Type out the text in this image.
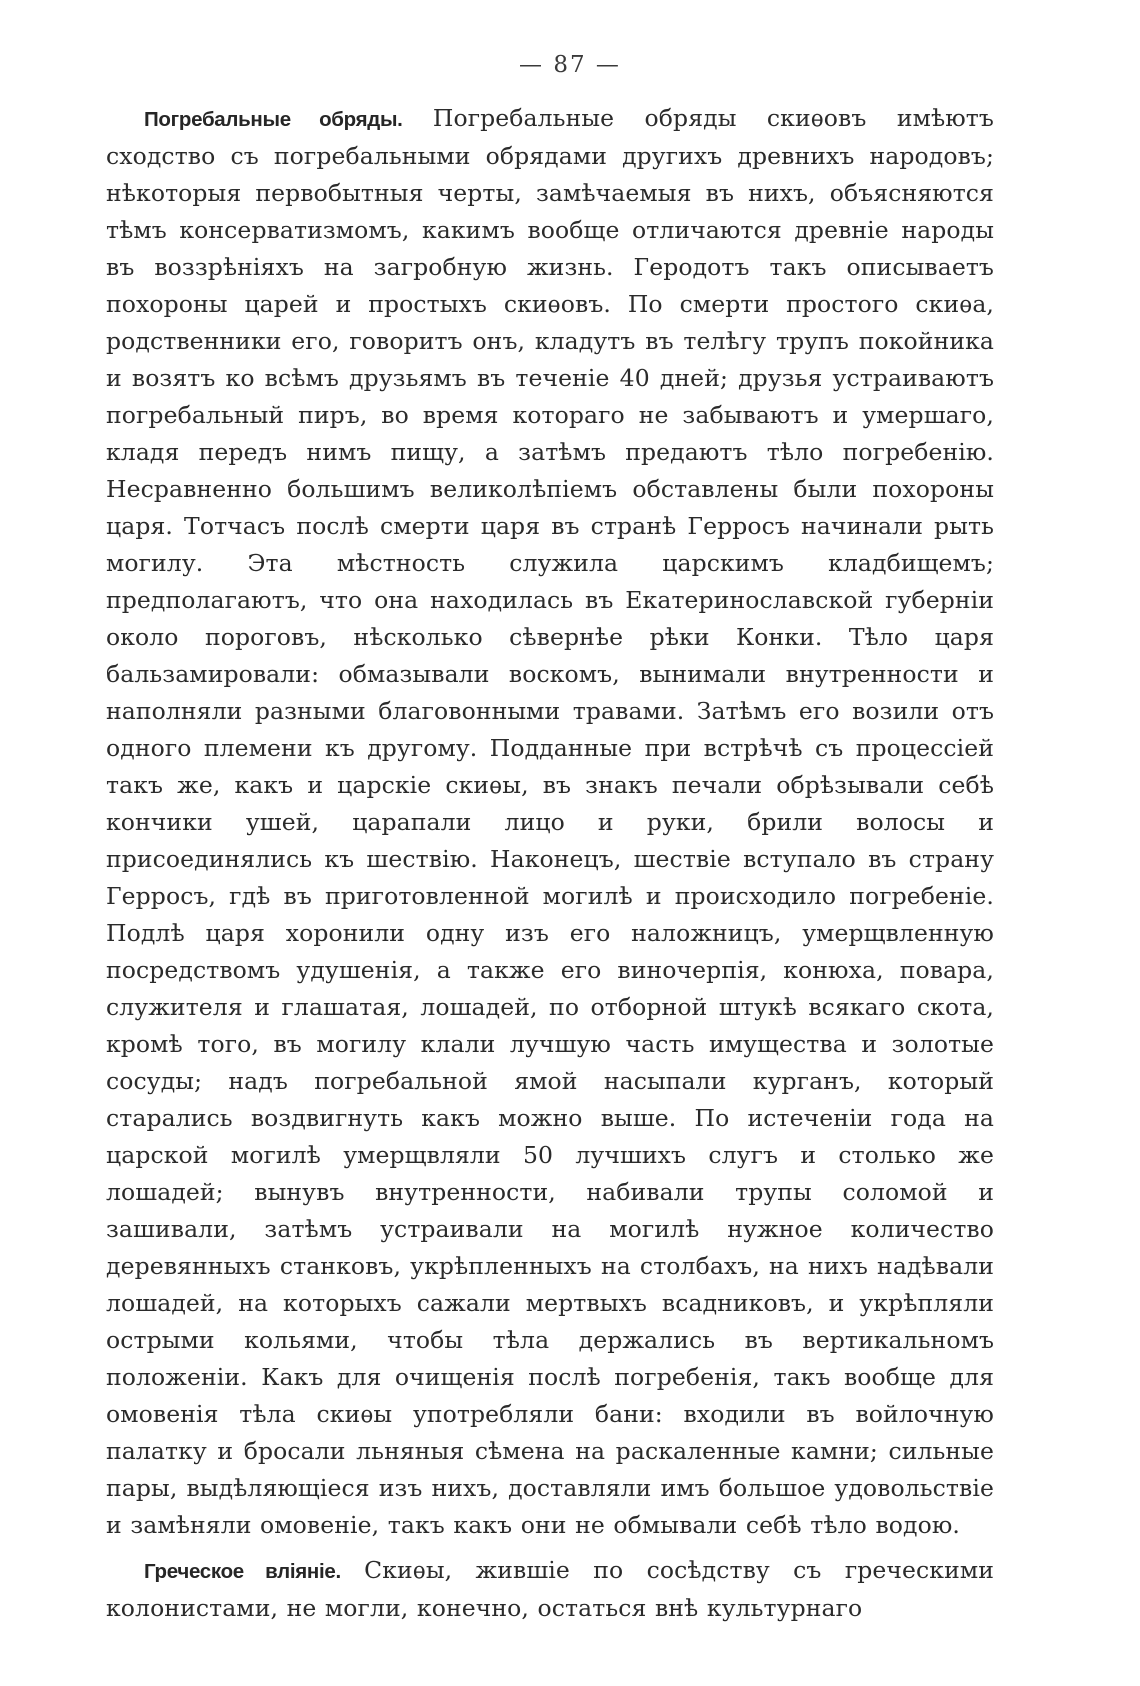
— 87 —

Погребальные обряды. Погребальные обряды скиѳовъ имѣютъ сходство съ погребальными обрядами другихъ древнихъ народовъ; нѣкоторыя первобытныя черты, замѣчаемыя въ нихъ, объясняются тѣмъ консерватизмомъ, какимъ вообще отличаются древніе народы въ воззрѣніяхъ на загробную жизнь. Геродотъ такъ описываетъ похороны царей и простыхъ скиѳовъ. По смерти простого скиѳа, родственники его, говоритъ онъ, кладутъ въ телѣгу трупъ покойника и возятъ ко всѣмъ друзьямъ въ теченіе 40 дней; друзья устраиваютъ погребальный пиръ, во время котораго не забываютъ и умершаго, кладя передъ нимъ пищу, а затѣмъ предаютъ тѣло погребенію. Несравненно большимъ великолѣпіемъ обставлены были похороны царя. Тотчасъ послѣ смерти царя въ странѣ Герросъ начинали рыть могилу. Эта мѣстность служила царскимъ кладбищемъ; предполагаютъ, что она находилась въ Екатеринославской губерніи около пороговъ, нѣсколько сѣвернѣе рѣки Конки. Тѣло царя бальзамировали: обмазывали воскомъ, вынимали внутренности и наполняли разными благовонными травами. Затѣмъ его возили отъ одного племени къ другому. Подданные при встрѣчѣ съ процессіей такъ же, какъ и царскіе скиѳы, въ знакъ печали обрѣзывали себѣ кончики ушей, царапали лицо и руки, брили волосы и присоединялись къ шествію. Наконецъ, шествіе вступало въ страну Герросъ, гдѣ въ приготовленной могилѣ и происходило погребеніе. Подлѣ царя хоронили одну изъ его наложницъ, умерщвленную посредствомъ удушенія, а также его виночерпія, конюха, повара, служителя и глашатая, лошадей, по отборной штукѣ всякаго скота, кромѣ того, въ могилу клали лучшую часть имущества и золотые сосуды; надъ погребальной ямой насыпали курганъ, который старались воздвигнуть какъ можно выше. По истеченіи года на царской могилѣ умерщвляли 50 лучшихъ слугъ и столько же лошадей; вынувъ внутренности, набивали трупы соломой и зашивали, затѣмъ устраивали на могилѣ нужное количество деревянныхъ станковъ, укрѣпленныхъ на столбахъ, на нихъ надѣвали лошадей, на которыхъ сажали мертвыхъ всадниковъ, и укрѣпляли острыми кольями, чтобы тѣла держались въ вертикальномъ положеніи. Какъ для очищенія послѣ погребенія, такъ вообще для омовенія тѣла скиѳы употребляли бани: входили въ войлочную палатку и бросали льняныя сѣмена на раскаленные камни; сильные пары, выдѣляющіеся изъ нихъ, доставляли имъ большое удовольствіе и замѣняли омовеніе, такъ какъ они не обмывали себѣ тѣло водою.

Греческое вліяніе. Скиѳы, жившіе по сосѣдству съ греческими колонистами, не могли, конечно, остаться внѣ культурнаго
